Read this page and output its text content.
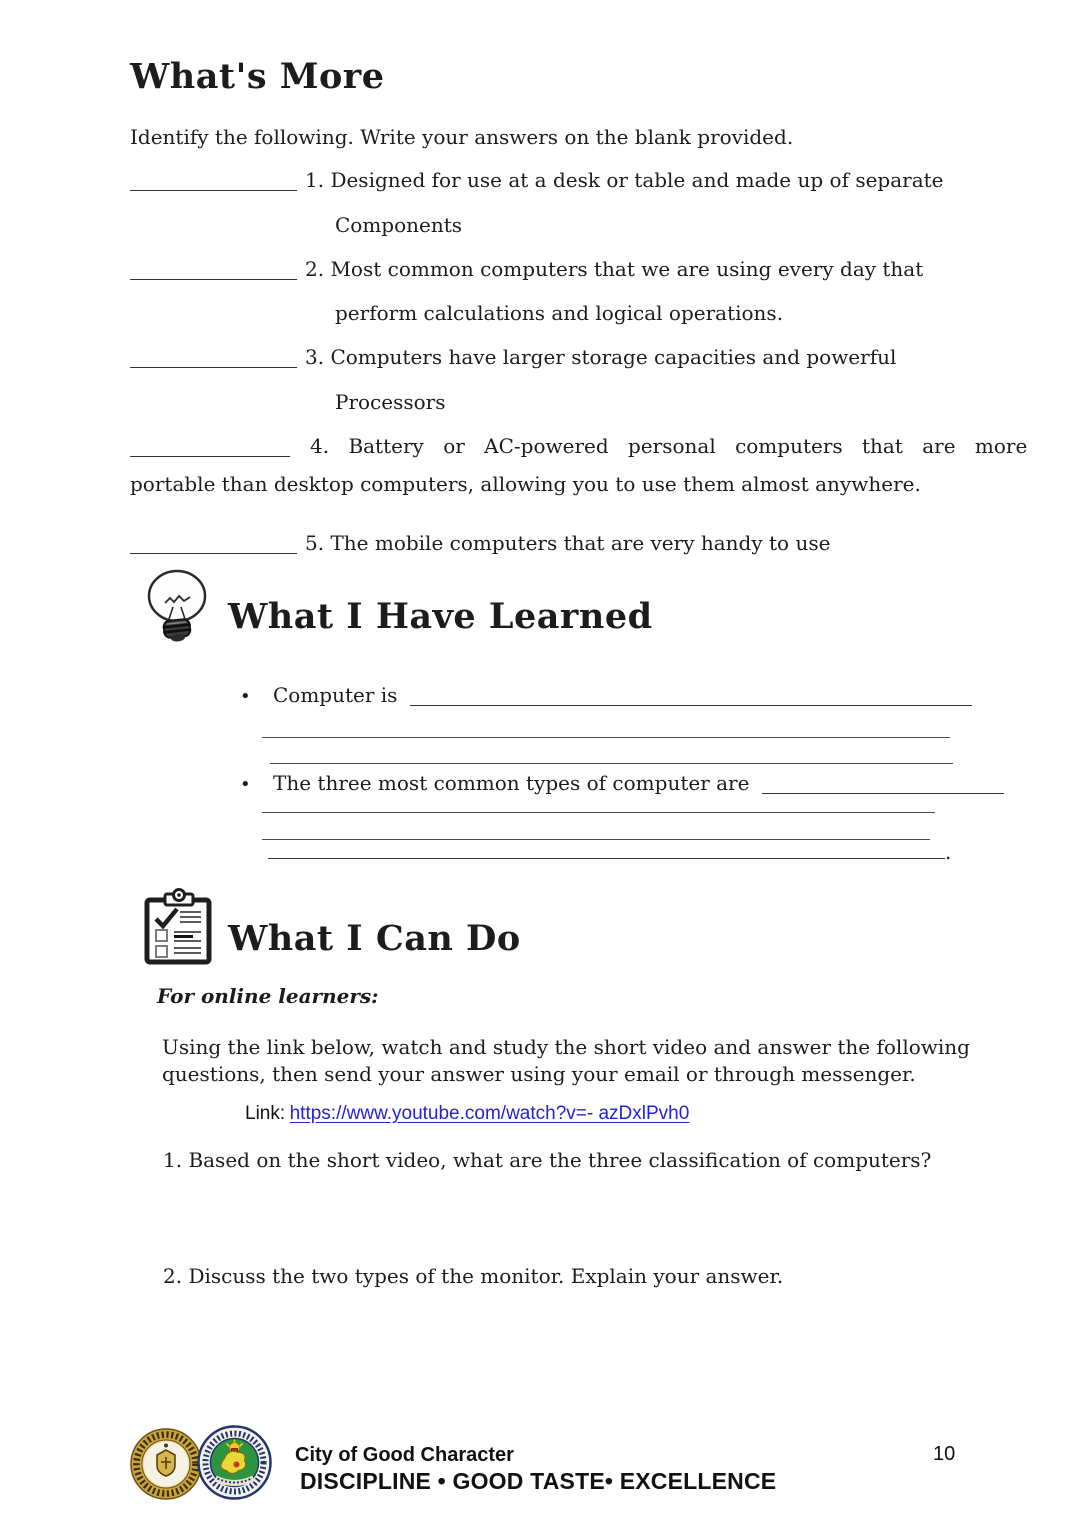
What's More
Identify the following. Write your answers on the blank provided.
1. Designed for use at a desk or table and made up of separate
Components
2. Most common computers that we are using every day that
perform calculations and logical operations.
3. Computers have larger storage capacities and powerful
Processors
4. Battery or AC-powered personal computers that are more
portable than desktop computers, allowing you to use them almost anywhere.
5. The mobile computers that are very handy to use
What I Have Learned
• Computer is
• The three most common types of computer are
.
What I Can Do
For online learners:
Using the link below, watch and study the short video and answer the following questions, then send your answer using your email or through messenger.
Link: https://www.youtube.com/watch?v=- azDxlPvh0
1. Based on the short video, what are the three classification of computers?
2. Discuss the two types of the monitor. Explain your answer.
City of Good Character
DISCIPLINE • GOOD TASTE• EXCELLENCE
10
